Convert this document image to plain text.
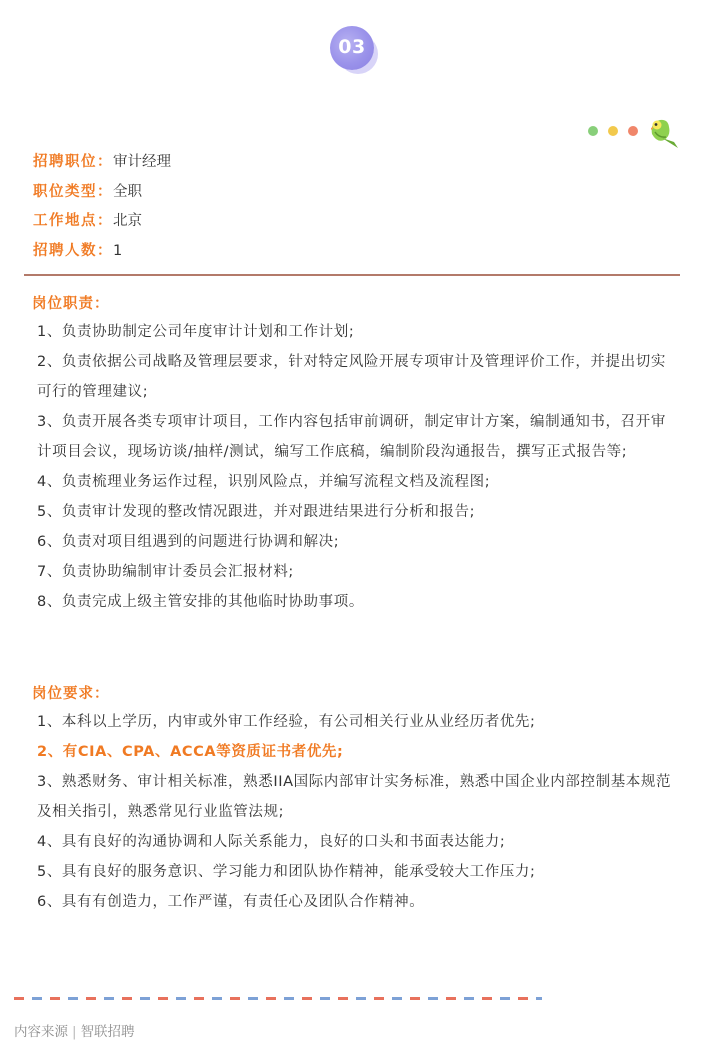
03
招聘职位：审计经理
职位类型：全职
工作地点：北京
招聘人数：1
岗位职责：
1、负责协助制定公司年度审计计划和工作计划;
2、负责依据公司战略及管理层要求，针对特定风险开展专项审计及管理评价工作，并提出切实可行的管理建议;
3、负责开展各类专项审计项目，工作内容包括审前调研，制定审计方案，编制通知书，召开审计项目会议，现场访谈/抽样/测试，编写工作底稿，编制阶段沟通报告，撰写正式报告等;
4、负责梳理业务运作过程，识别风险点，并编写流程文档及流程图;
5、负责审计发现的整改情况跟进，并对跟进结果进行分析和报告;
6、负责对项目组遇到的问题进行协调和解决;
7、负责协助编制审计委员会汇报材料;
8、负责完成上级主管安排的其他临时协助事项。
岗位要求：
1、本科以上学历，内审或外审工作经验，有公司相关行业从业经历者优先;
2、有CIA、CPA、ACCA等资质证书者优先;
3、熟悉财务、审计相关标准，熟悉IIA国际内部审计实务标准，熟悉中国企业内部控制基本规范及相关指引，熟悉常见行业监管法规;
4、具有良好的沟通协调和人际关系能力，良好的口头和书面表达能力;
5、具有良好的服务意识、学习能力和团队协作精神，能承受较大工作压力;
6、具有有创造力，工作严谨，有责任心及团队合作精神。
内容来源 | 智联招聘
